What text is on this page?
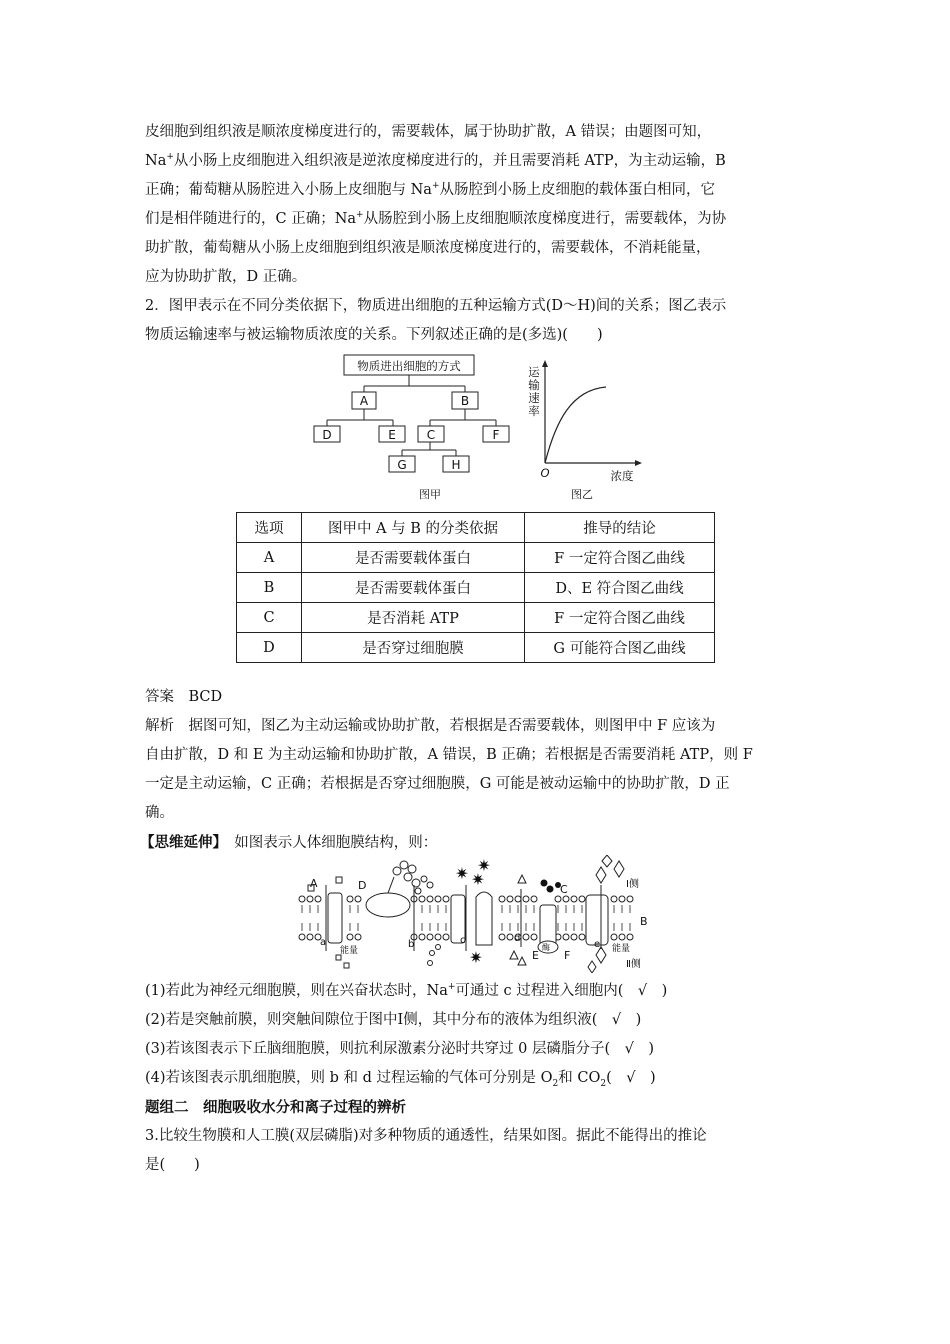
皮细胞到组织液是顺浓度梯度进行的，需要载体，属于协助扩散，A 错误；由题图可知，
Na+从小肠上皮细胞进入组织液是逆浓度梯度进行的，并且需要消耗 ATP，为主动运输，B
正确；葡萄糖从肠腔进入小肠上皮细胞与 Na+从肠腔到小肠上皮细胞的载体蛋白相同，它
们是相伴随进行的，C 正确；Na+从肠腔到小肠上皮细胞顺浓度梯度进行，需要载体，为协
助扩散，葡萄糖从小肠上皮细胞到组织液是顺浓度梯度进行的，需要载体，不消耗能量，
应为协助扩散，D 正确。
2．图甲表示在不同分类依据下，物质进出细胞的五种运输方式(D～H)间的关系；图乙表示
物质运输速率与被运输物质浓度的关系。下列叙述正确的是(多选)(　　)
物质进出细胞的方式
A	B
D	E	C	F
G	H
图甲
运
输
速
率
O	浓度
图乙
选项	图甲中 A 与 B 的分类依据	推导的结论
A	是否需要载体蛋白	F 一定符合图乙曲线
B	是否需要载体蛋白	D、E 符合图乙曲线
C	是否消耗 ATP	F 一定符合图乙曲线
D	是否穿过细胞膜	G 可能符合图乙曲线
答案　 BCD
解析　 据图可知，图乙为主动运输或协助扩散，若根据是否需要载体，则图甲中 F 应该为
自由扩散，D 和 E 为主动运输和协助扩散，A 错误，B 正确；若根据是否需要消耗 ATP，则 F
一定是主动运输，C 正确；若根据是否穿过细胞膜，G 可能是被动运输中的协助扩散，D 正
确。
【思维延伸】　 如图表示人体细胞膜结构，则：
✷ ✷
✷
✷
A	D	C
B
E F
a	b	c	d
e
Ⅰ侧
Ⅱ侧
能量	能量
酶
(1)若此为神经元细胞膜，则在兴奋状态时，Na+可通过 c 过程进入细胞内(　√　)
(2)若是突触前膜，则突触间隙位于图中Ⅰ侧，其中分布的液体为组织液(　√　)
(3)若该图表示下丘脑细胞膜，则抗利尿激素分泌时共穿过 0 层磷脂分子(　√　)
(4)若该图表示肌细胞膜，则 b 和 d 过程运输的气体可分别是 $O_2$和 $CO_2$(　√　)
题组二　细胞吸收水分和离子过程的辨析
3.比较生物膜和人工膜(双层磷脂)对多种物质的通透性，结果如图。据此不能得出的推论
是(　　)
